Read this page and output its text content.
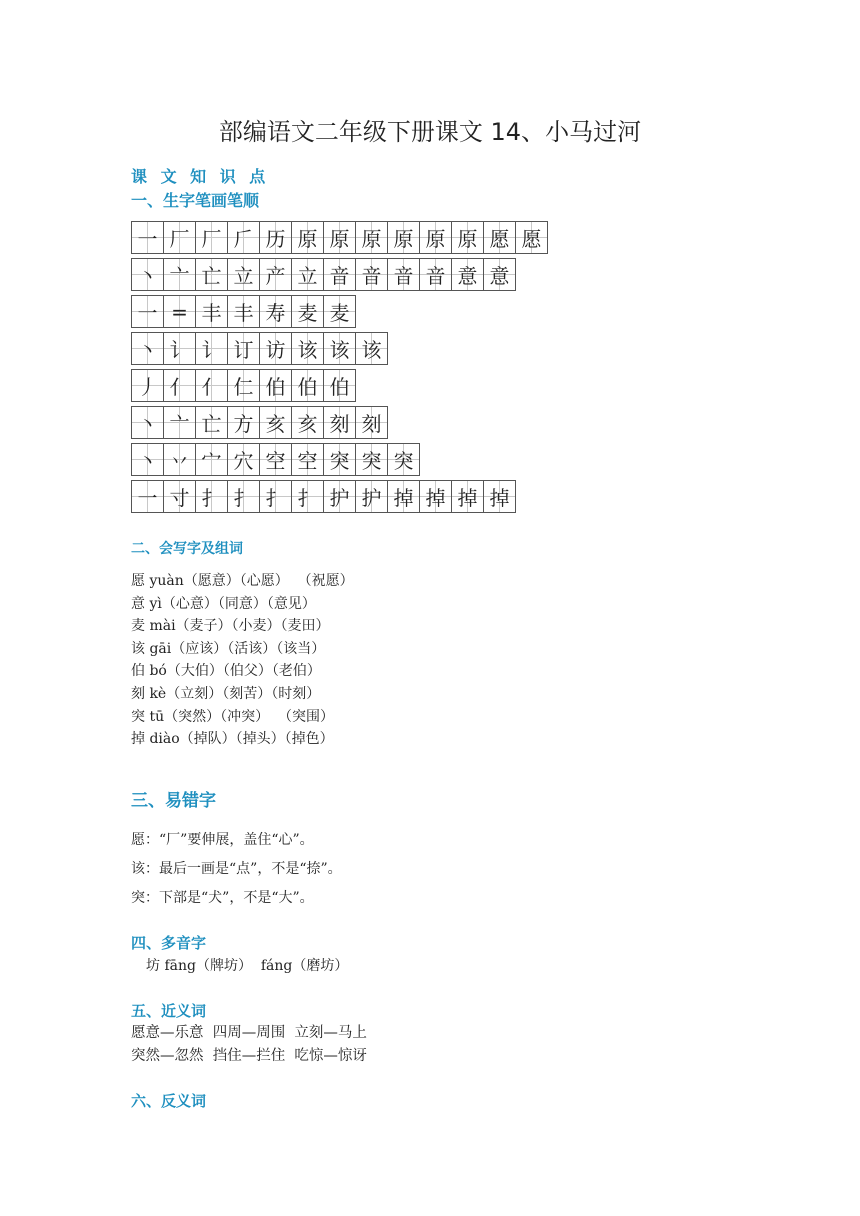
部编语文二年级下册课文 14、小马过河
课 文 知 识 点
一、生字笔画笔顺
一 厂 厂 𠂆 历 原 原 原 原 原 原 愿 愿
丶 亠 亡 立 产 立 音 音 音 音 意 意
一 = 丰 丰 寿 麦 麦
丶 讠 讠 订 访 该 该 该
丿 亻 亻 仁 伯 伯 伯
丶 亠 亡 方 亥 亥 刻 刻
丶 丷 宀 穴 空 空 突 突 突
一 寸 扌 扌 扌 扌 护 护 掉 掉 掉 掉
二、会写字及组词
愿 yuàn（愿意）（心愿）  （祝愿）
意 yì（心意）（同意）（意见）
麦 mài（麦子）（小麦）（麦田）
该 gāi（应该）（活该）（该当）
伯 bó（大伯）（伯父）（老伯）
刻 kè（立刻）（刻苦）（时刻）
突 tū（突然）（冲突）  （突围）
掉 diào（掉队）（掉头）（掉色）
三、易错字
愿：“厂”要伸展，盖住“心”。
该：最后一画是“点”，不是“捺”。
突：下部是“犬”，不是“大”。
四、多音字
坊 fāng（牌坊）  fáng（磨坊）
五、近义词
愿意—乐意  四周—周围  立刻—马上
突然—忽然  挡住—拦住  吃惊—惊讶
六、反义词
